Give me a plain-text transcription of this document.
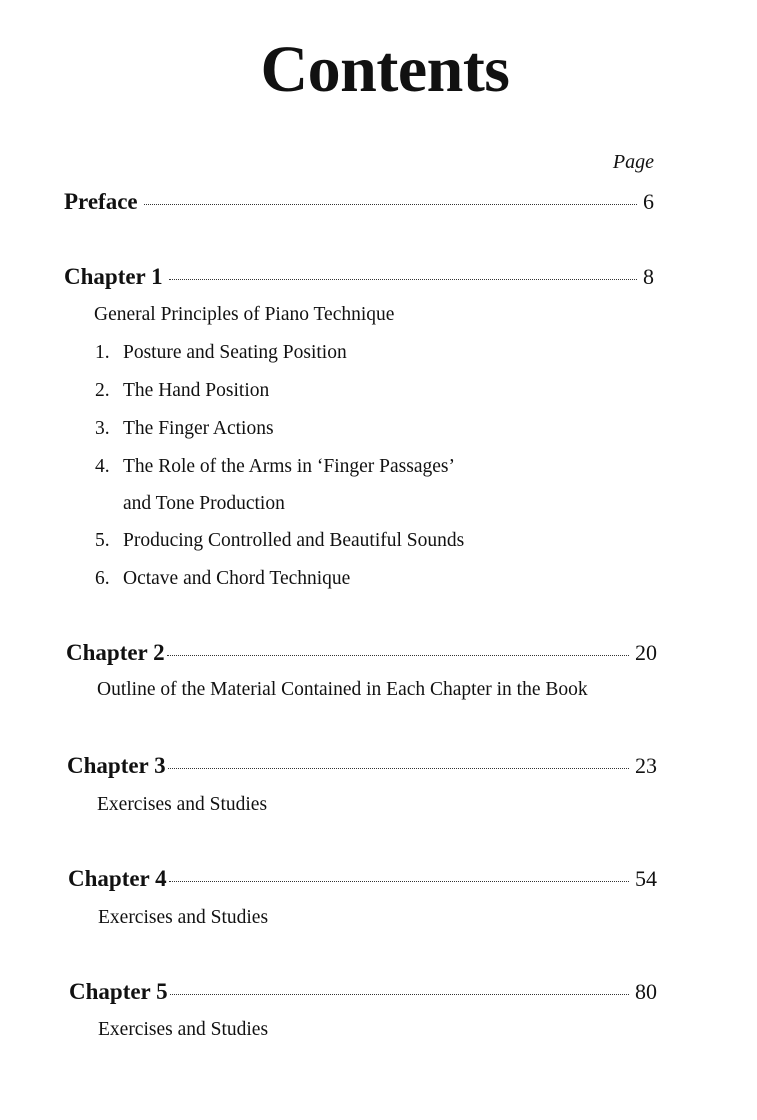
Contents
Page
Preface	6
Chapter 1	8
General Principles of Piano Technique
1. Posture and Seating Position
2. The Hand Position
3. The Finger Actions
4. The Role of the Arms in ‘Finger Passages’
and Tone Production
5. Producing Controlled and Beautiful Sounds
6. Octave and Chord Technique
Chapter 2	20
Outline of the Material Contained in Each Chapter in the Book
Chapter 3	23
Exercises and Studies
Chapter 4	54
Exercises and Studies
Chapter 5	80
Exercises and Studies
